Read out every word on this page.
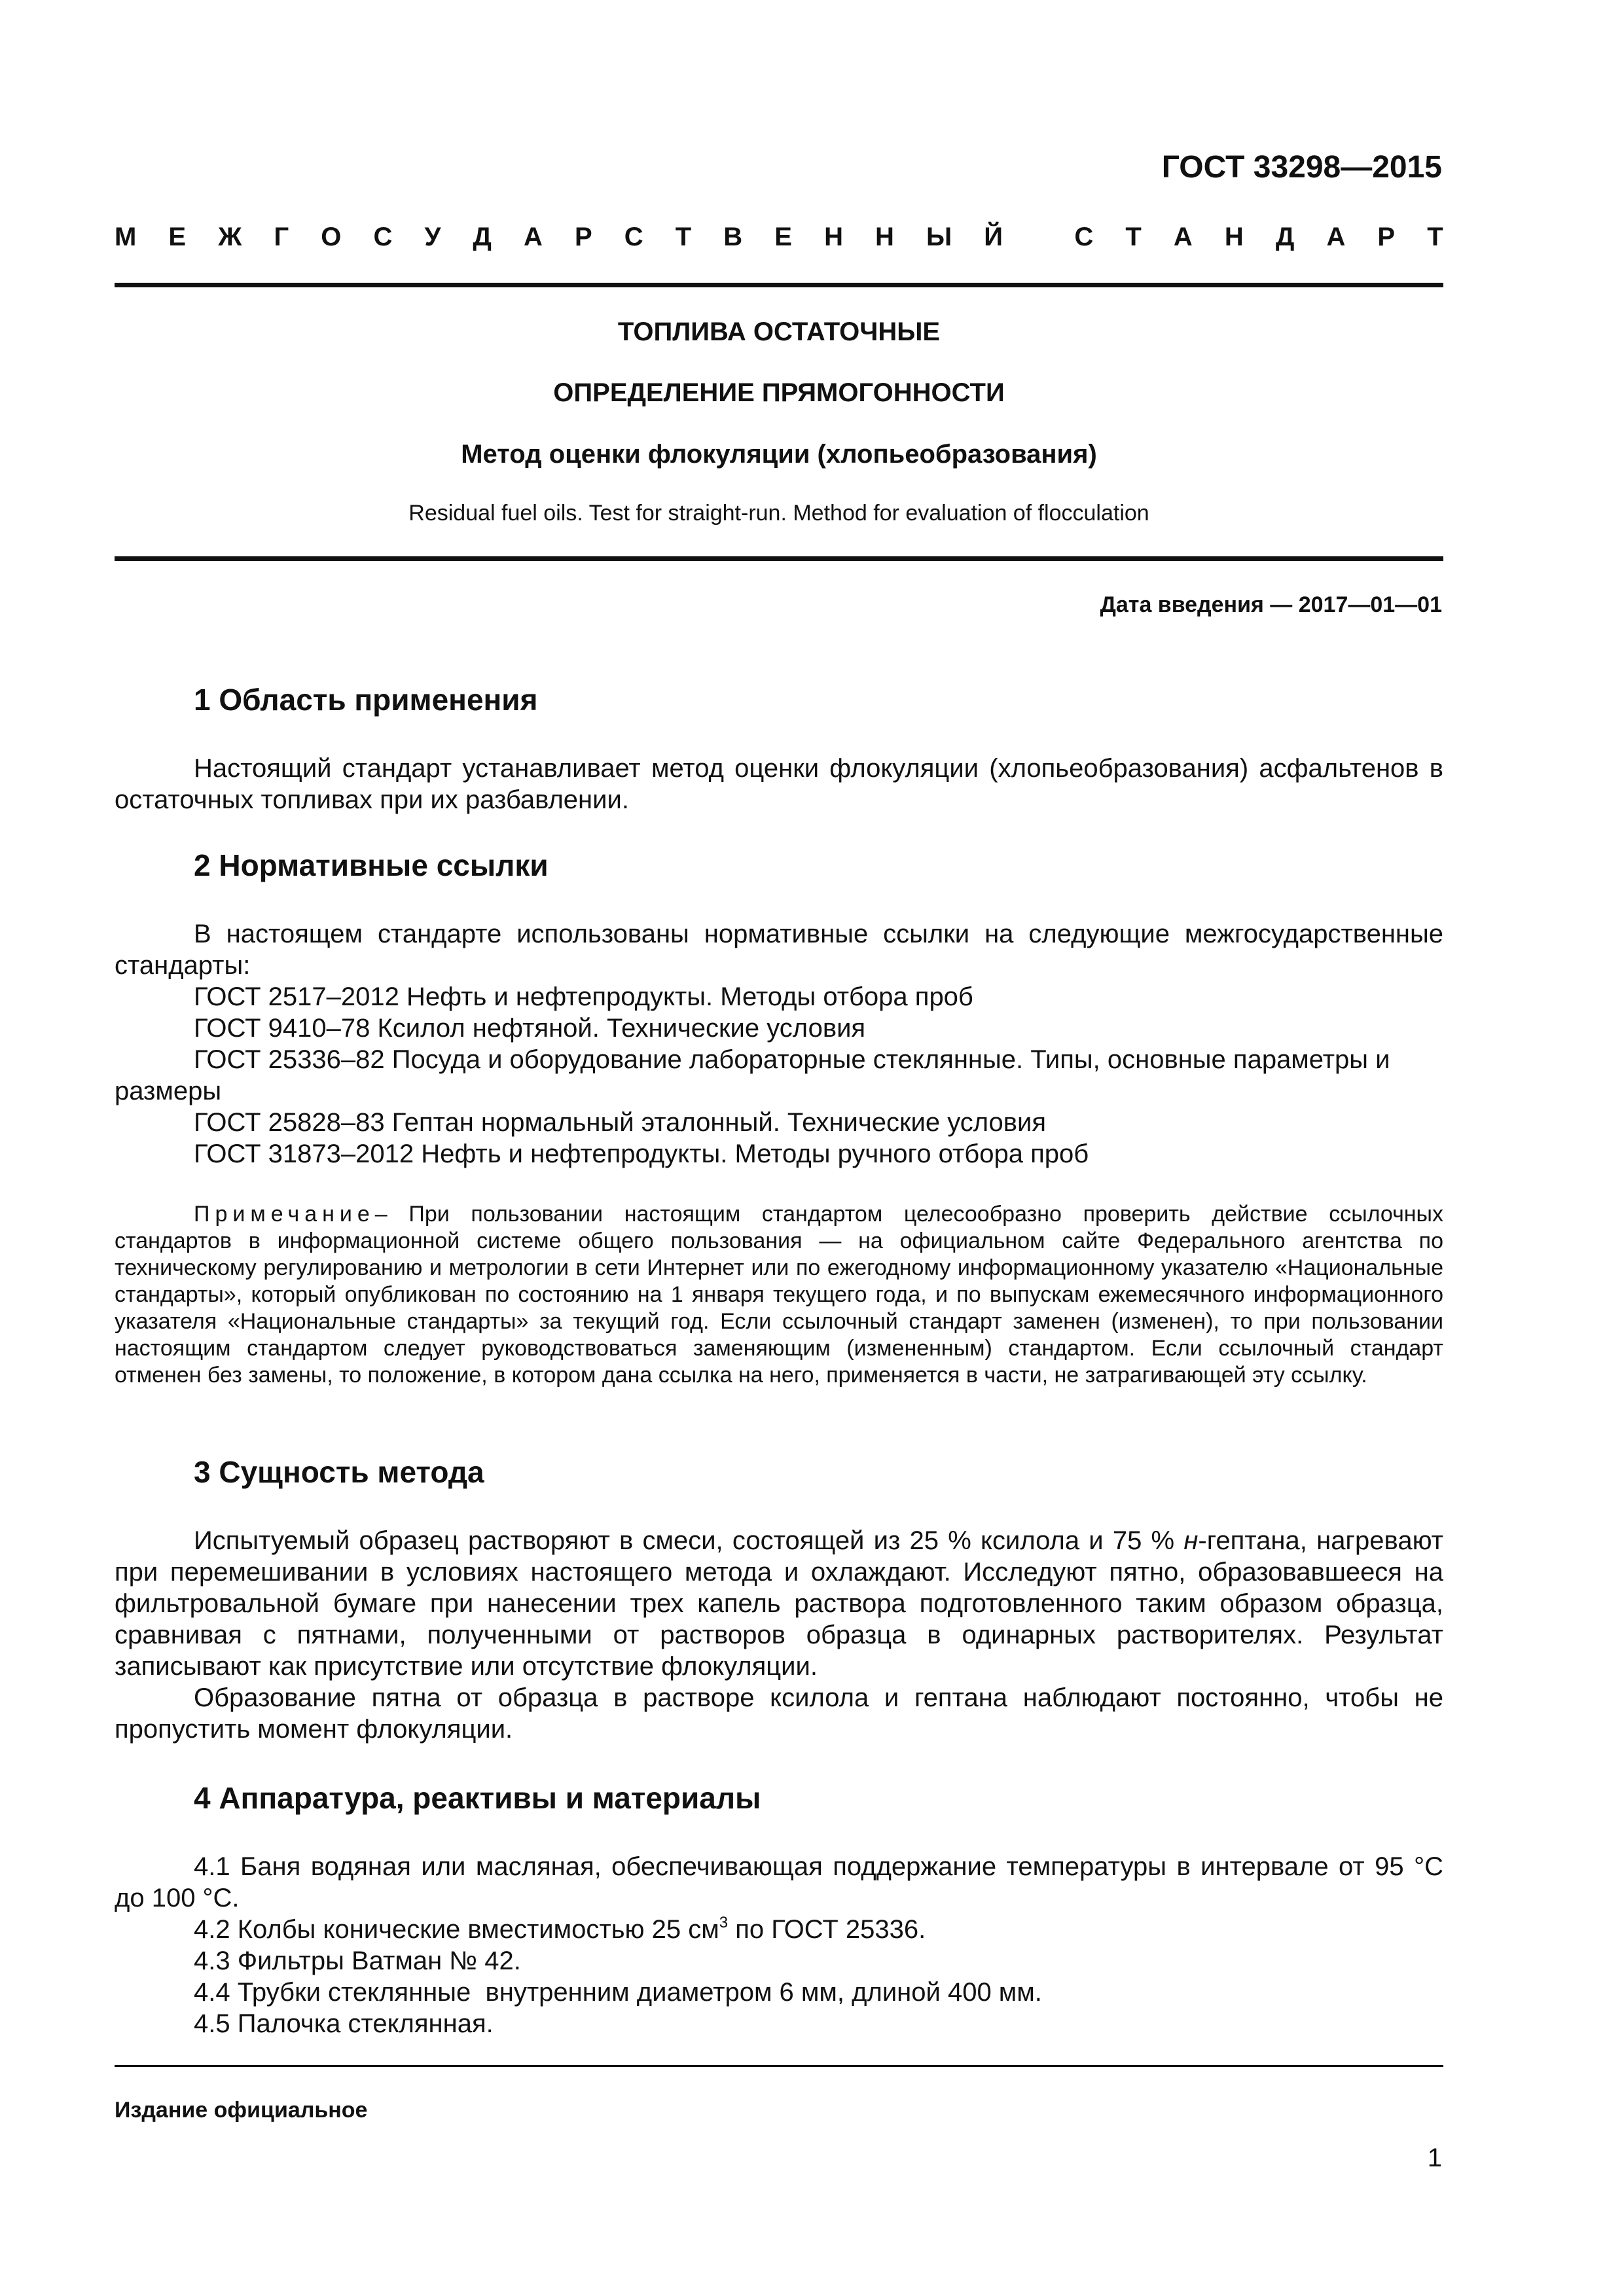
ГОСТ 33298—2015
М Е Ж Г О С У Д А Р С Т В Е Н Н Ы Й
	С Т А Н Д А Р Т
ТОПЛИВА ОСТАТОЧНЫЕ
ОПРЕДЕЛЕНИЕ ПРЯМОГОННОСТИ
Метод оценки флокуляции (хлопьеобразования)
Residual fuel oils. Test for straight-run. Method for evaluation of flocculation
Дата введения — 2017—01—01
1 Область применения

Настоящий стандарт устанавливает метод оценки флокуляции (хлопьеобразования) асфальтенов в остаточных топливах при их разбавлении.

2 Нормативные ссылки

В настоящем стандарте использованы нормативные ссылки на следующие межгосударственные стандарты:

ГОСТ 2517–2012 Нефть и нефтепродукты. Методы отбора проб
ГОСТ 9410–78 Ксилол нефтяной. Технические условия
ГОСТ 25336–82 Посуда и оборудование лабораторные стеклянные. Типы, основные параметры и размеры
ГОСТ 25828–83 Гептан нормальный эталонный. Технические условия
ГОСТ 31873–2012 Нефть и нефтепродукты. Методы ручного отбора проб

Примечание– При пользовании настоящим стандартом целесообразно проверить действие ссылочных стандартов в информационной системе общего пользования — на официальном сайте Федерального агентства по техническому регулированию и метрологии в сети Интернет или по ежегодному информационному указателю «Национальные стандарты», который опубликован по состоянию на 1 января текущего года, и по выпускам ежемесячного информационного указателя «Национальные стандарты» за текущий год. Если ссылочный стандарт заменен (изменен), то при пользовании настоящим стандартом следует руководствоваться заменяющим (измененным) стандартом. Если ссылочный стандарт отменен без замены, то положение, в котором дана ссылка на него, применяется в части, не затрагивающей эту ссылку.

3 Сущность метода

Испытуемый образец растворяют в смеси, состоящей из 25 % ксилола и 75 % н-гептана, нагревают при перемешивании в условиях настоящего метода и охлаждают. Исследуют пятно, образовавшееся на фильтровальной бумаге при нанесении трех капель раствора подготовленного таким образом образца, сравнивая с пятнами, полученными от растворов образца в одинарных растворителях. Результат записывают как присутствие или отсутствие флокуляции.

Образование пятна от образца в растворе ксилола и гептана наблюдают постоянно, чтобы не пропустить момент флокуляции.

4 Аппаратура, реактивы и материалы

4.1 Баня водяная или масляная, обеспечивающая поддержание температуры в интервале от 95 °С до 100 °С.

4.2 Колбы конические вместимостью 25 $см^3$ по ГОСТ 25336.

4.3 Фильтры Ватман № 42.

4.4 Трубки стеклянные  внутренним диаметром 6 мм, длиной 400 мм.

4.5 Палочка стеклянная.

Издание официальное
1
